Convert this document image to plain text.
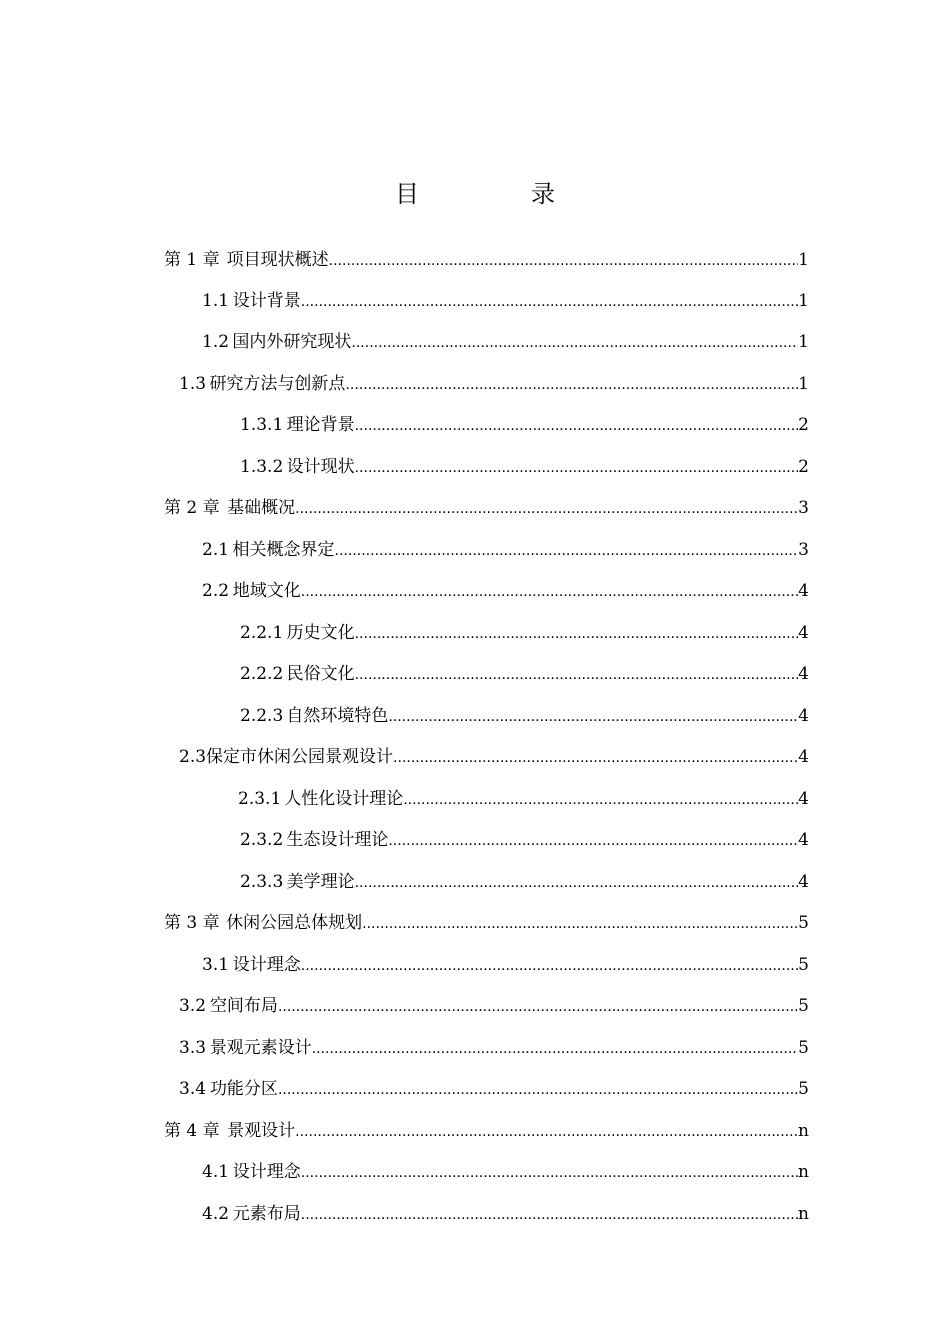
目　录
第 1 章 项目现状概述 .....	1
1.1 设计背景 .....	1
1.2 国内外研究现状 .....	1
1.3 研究方法与创新点 .....	1
1.3.1 理论背景 .....	2
1.3.2 设计现状 .....	2
第 2 章 基础概况 .....	3
2.1 相关概念界定 .....	3
2.2 地域文化 .....	4
2.2.1 历史文化 .....	4
2.2.2 民俗文化 .....	4
2.2.3 自然环境特色 .....	4
2.3 保定市休闲公园景观设计 .....	4
2.3.1 人性化设计理论 .....	4
2.3.2 生态设计理论 .....	4
2.3.3 美学理论 .....	4
第 3 章 休闲公园总体规划 .....	5
3.1 设计理念 .....	5
3.2 空间布局 .....	5
3.3 景观元素设计 .....	5
3.4 功能分区 .....	5
第 4 章 景观设计 .....	n
4.1 设计理念 .....	n
4.2 元素布局 .....	n
